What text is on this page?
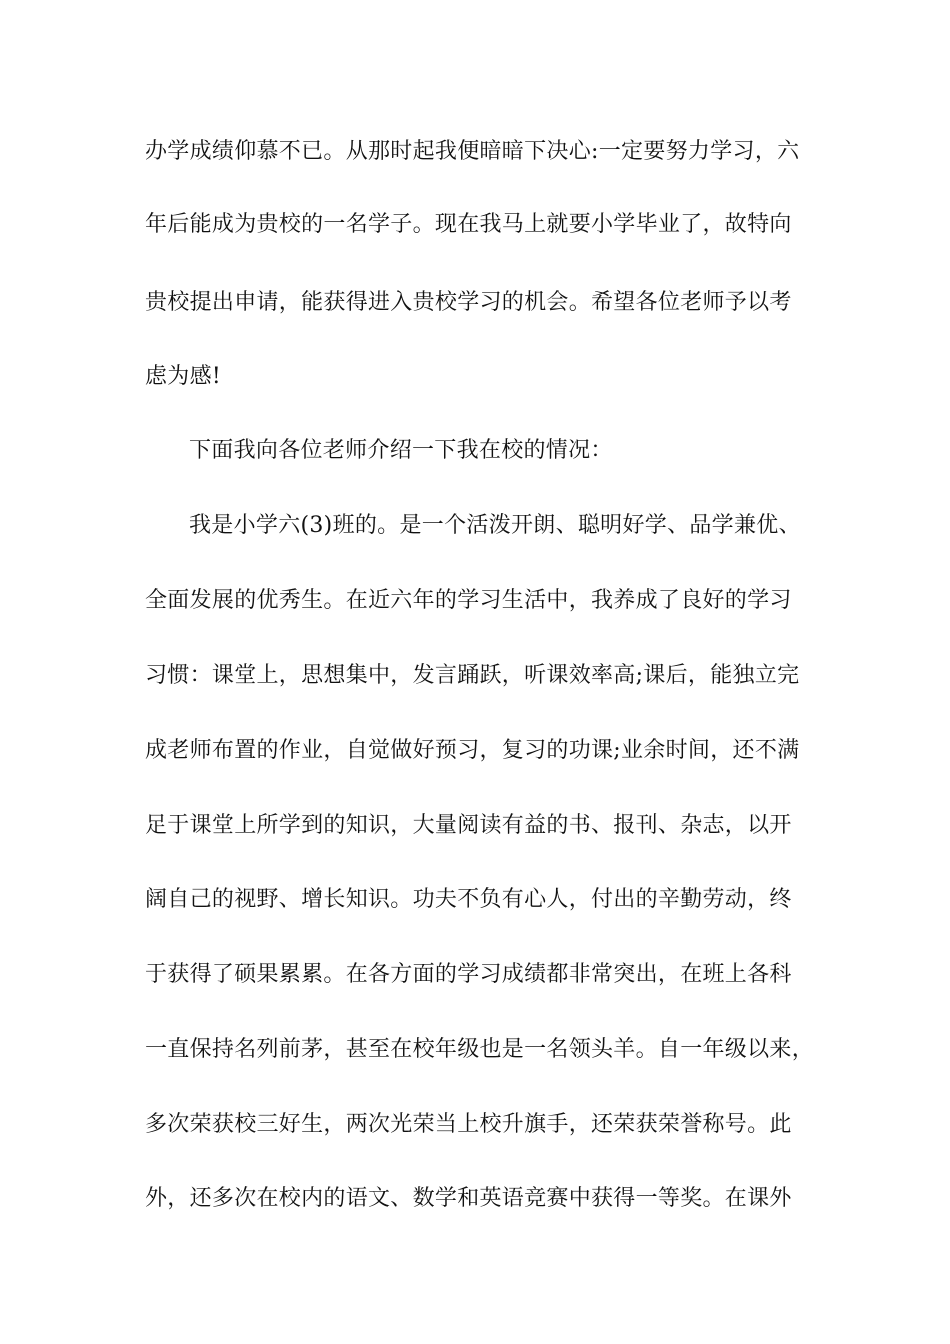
办学成绩仰慕不已。从那时起我便暗暗下决心:一定要努力学习，六
年后能成为贵校的一名学子。现在我马上就要小学毕业了，故特向
贵校提出申请，能获得进入贵校学习的机会。希望各位老师予以考
虑为感!
下面我向各位老师介绍一下我在校的情况：
我是小学六(3)班的。是一个活泼开朗、聪明好学、品学兼优、
全面发展的优秀生。在近六年的学习生活中，我养成了良好的学习
习惯：课堂上，思想集中，发言踊跃，听课效率高;课后，能独立完
成老师布置的作业，自觉做好预习，复习的功课;业余时间，还不满
足于课堂上所学到的知识，大量阅读有益的书、报刊、杂志，以开
阔自己的视野、增长知识。功夫不负有心人，付出的辛勤劳动，终
于获得了硕果累累。在各方面的学习成绩都非常突出，在班上各科
一直保持名列前茅，甚至在校年级也是一名领头羊。自一年级以来，
多次荣获校三好生，两次光荣当上校升旗手，还荣获荣誉称号。此
外，还多次在校内的语文、数学和英语竞赛中获得一等奖。在课外
